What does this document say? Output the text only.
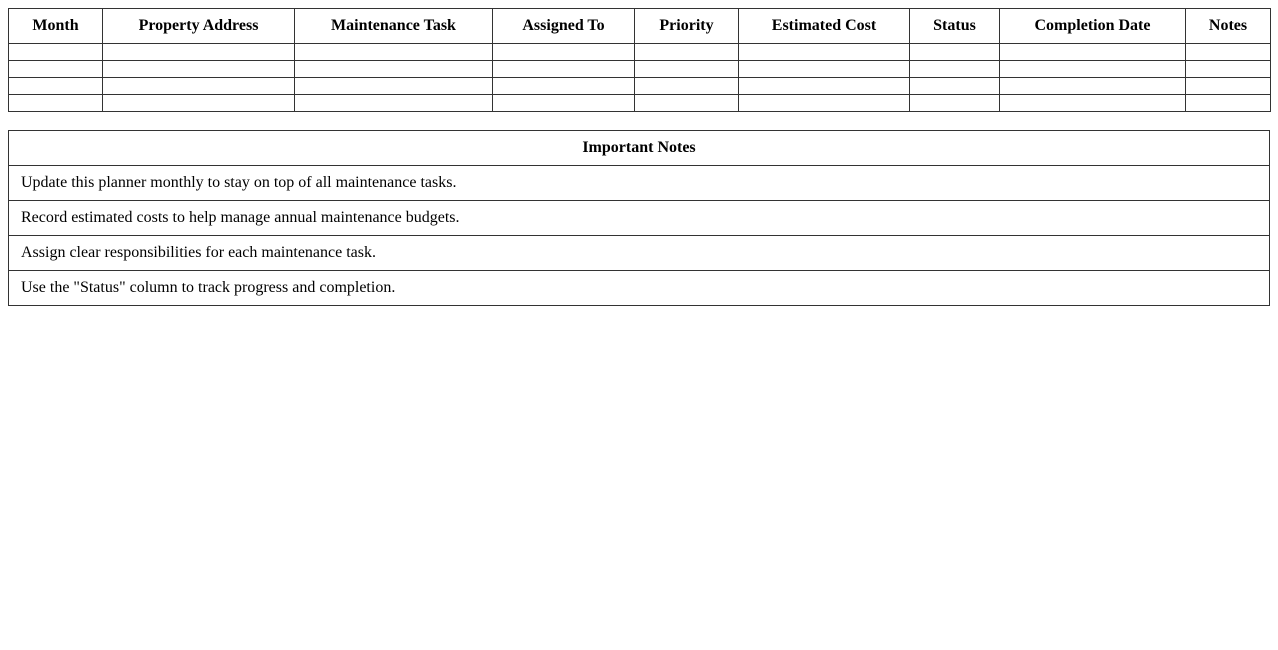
Month	Property Address	Maintenance Task	Assigned To	Priority	Estimated Cost	Status	Completion Date	Notes

Important Notes
Update this planner monthly to stay on top of all maintenance tasks.
Record estimated costs to help manage annual maintenance budgets.
Assign clear responsibilities for each maintenance task.
Use the "Status" column to track progress and completion.
